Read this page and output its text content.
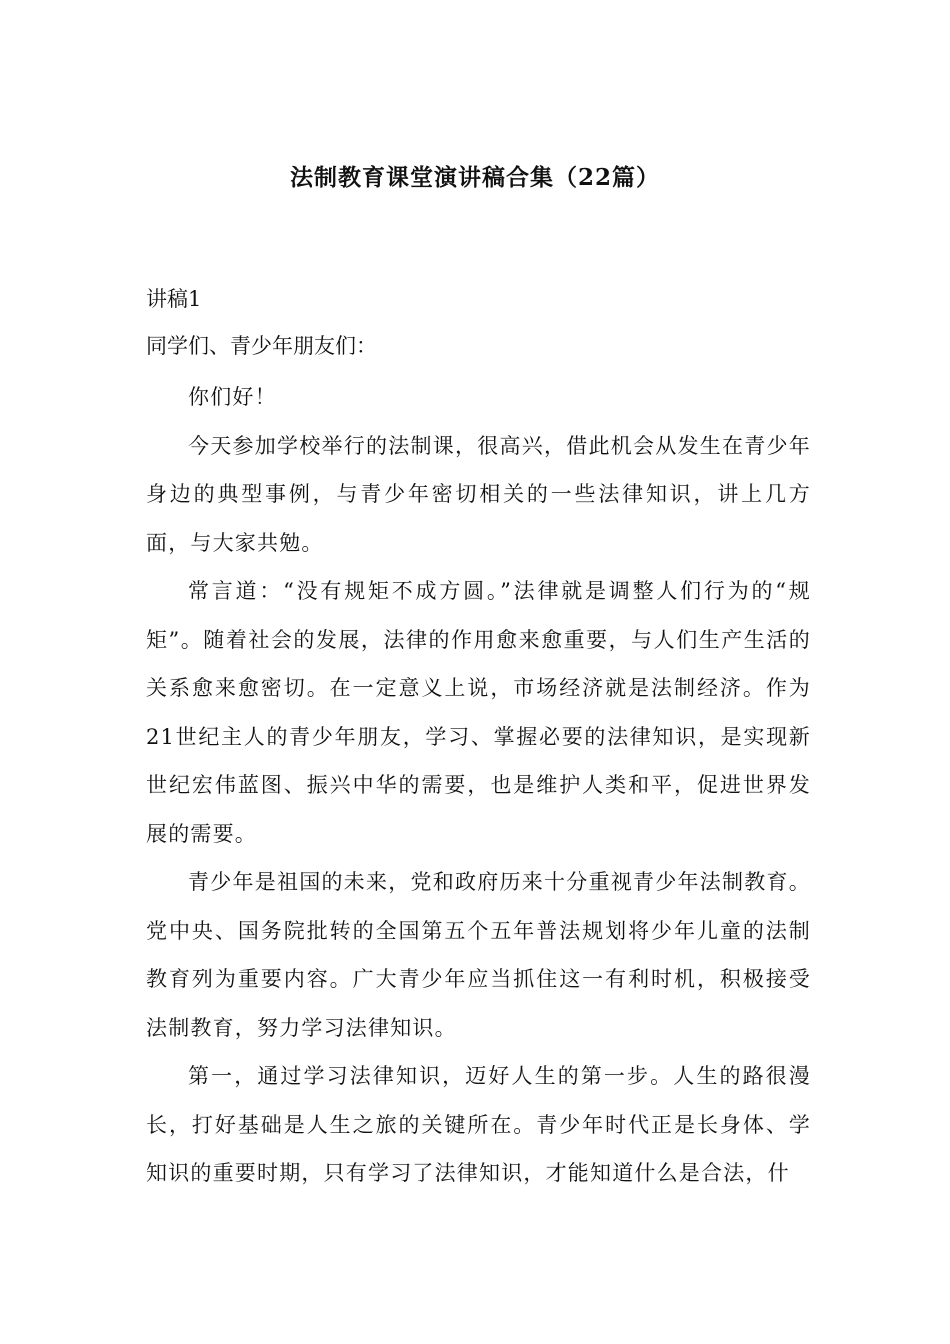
法制教育课堂演讲稿合集（22篇）
讲稿1
同学们、青少年朋友们：

你们好！

今天参加学校举行的法制课，很高兴，借此机会从发生在青少年身边的典型事例，与青少年密切相关的一些法律知识，讲上几方面，与大家共勉。

常言道：“没有规矩不成方圆。”法律就是调整人们行为的“规矩”。随着社会的发展，法律的作用愈来愈重要，与人们生产生活的关系愈来愈密切。在一定意义上说，市场经济就是法制经济。作为21世纪主人的青少年朋友，学习、掌握必要的法律知识，是实现新世纪宏伟蓝图、振兴中华的需要，也是维护人类和平，促进世界发展的需要。

青少年是祖国的未来，党和政府历来十分重视青少年法制教育。党中央、国务院批转的全国第五个五年普法规划将少年儿童的法制教育列为重要内容。广大青少年应当抓住这一有利时机，积极接受法制教育，努力学习法律知识。

第一，通过学习法律知识，迈好人生的第一步。人生的路很漫长，打好基础是人生之旅的关键所在。青少年时代正是长身体、学知识的重要时期，只有学习了法律知识，才能知道什么是合法，什
